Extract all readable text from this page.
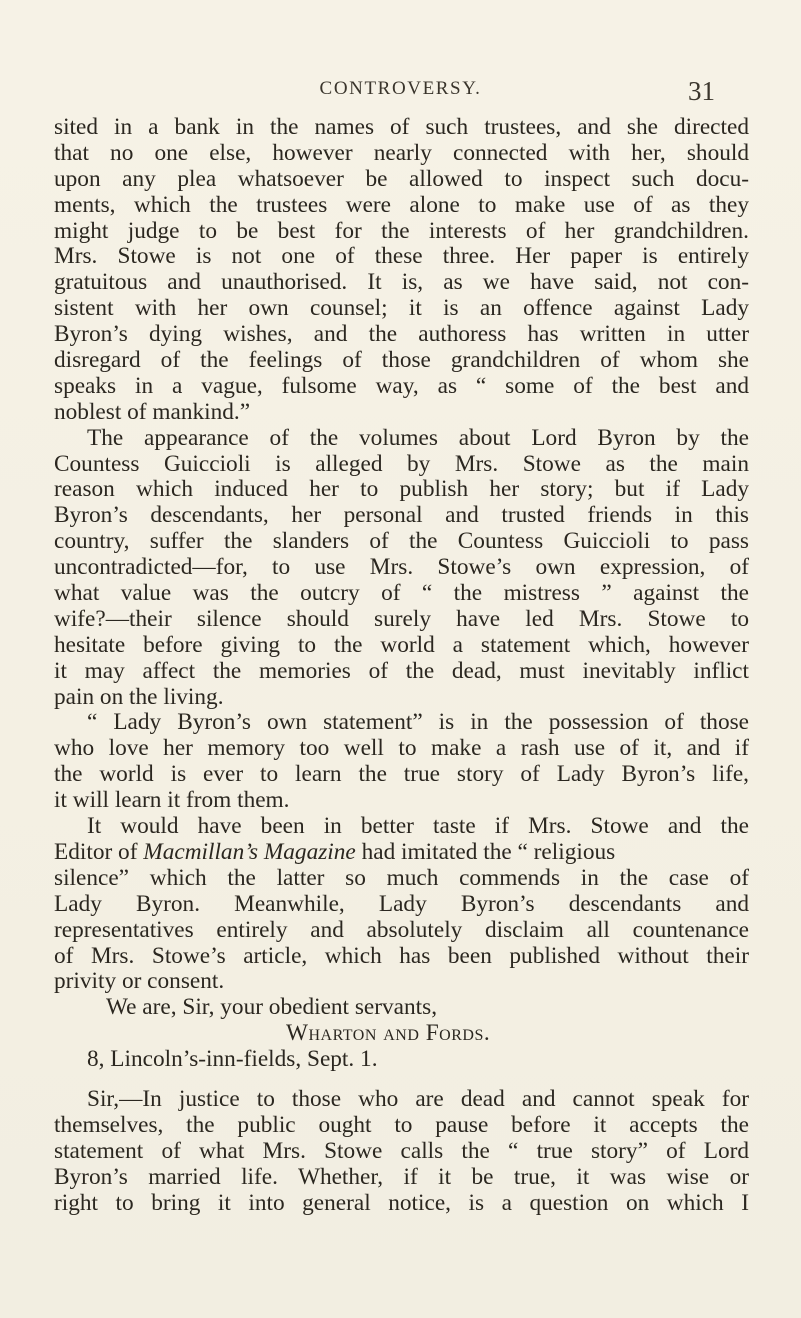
CONTROVERSY.	31
sited in a bank in the names of such trustees, and she directed
that no one else, however nearly connected with her, should
upon any plea whatsoever be allowed to inspect such docu-
ments, which the trustees were alone to make use of as they
might judge to be best for the interests of her grandchildren.
Mrs. Stowe is not one of these three. Her paper is entirely
gratuitous and unauthorised. It is, as we have said, not con-
sistent with her own counsel; it is an offence against Lady
Byron’s dying wishes, and the authoress has written in utter
disregard of the feelings of those grandchildren of whom she
speaks in a vague, fulsome way, as “ some of the best and
noblest of mankind.”
The appearance of the volumes about Lord Byron by the
Countess Guiccioli is alleged by Mrs. Stowe as the main
reason which induced her to publish her story; but if Lady
Byron’s descendants, her personal and trusted friends in this
country, suffer the slanders of the Countess Guiccioli to pass
uncontradicted—for, to use Mrs. Stowe’s own expression, of
what value was the outcry of “ the mistress ” against the
wife?—their silence should surely have led Mrs. Stowe to
hesitate before giving to the world a statement which, however
it may affect the memories of the dead, must inevitably inflict
pain on the living.
“ Lady Byron’s own statement” is in the possession of those
who love her memory too well to make a rash use of it, and if
the world is ever to learn the true story of Lady Byron’s life,
it will learn it from them.
It would have been in better taste if Mrs. Stowe and the
Editor of Macmillan’s Magazine had imitated the “ religious
silence” which the latter so much commends in the case of
Lady Byron. Meanwhile, Lady Byron’s descendants and
representatives entirely and absolutely disclaim all countenance
of Mrs. Stowe’s article, which has been published without their
privity or consent.
We are, Sir, your obedient servants,
Wharton and Fords.
8, Lincoln’s-inn-fields, Sept. 1.
Sir,—In justice to those who are dead and cannot speak for
themselves, the public ought to pause before it accepts the
statement of what Mrs. Stowe calls the “ true story” of Lord
Byron’s married life. Whether, if it be true, it was wise or
right to bring it into general notice, is a question on which I
